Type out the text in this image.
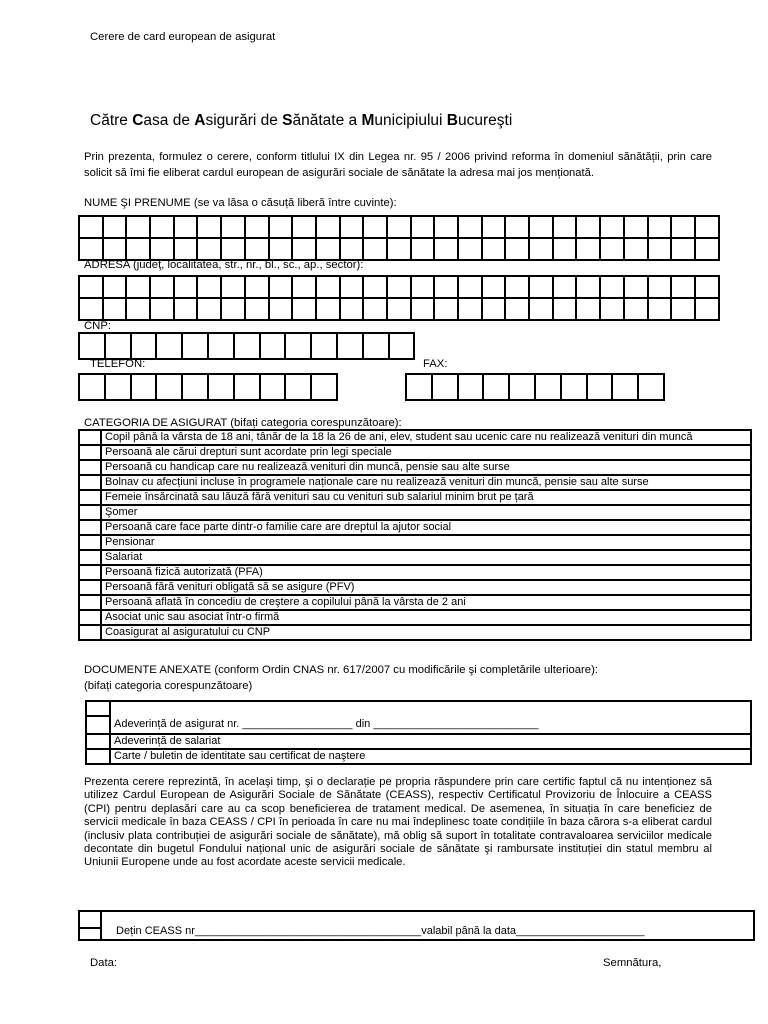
Cerere de card european de asigurat
Către Casa de Asigurări de Sănătate a Municipiului Bucureşti

Prin prezenta, formulez o cerere, conform titlului IX din Legea nr. 95 / 2006 privind reforma în domeniul sănătății, prin care solicit să îmi fie eliberat cardul european de asigurări sociale de sănătate la adresa mai jos menționată.

NUME ŞI PRENUME (se va lăsa o căsuță liberă între cuvinte):
ADRESA (judeţ, localitatea, str., nr., bl., sc., ap., sector):
CNP:
TELEFON:	FAX:
CATEGORIA DE ASIGURAT (bifați categoria corespunzătoare):
	Copil până la vârsta de 18 ani, tânăr de la 18 la 26 de ani, elev, student sau ucenic care nu realizează venituri din muncă
	Persoană ale cărui drepturi sunt acordate prin legi speciale
	Persoană cu handicap care nu realizează venituri din muncă, pensie sau alte surse
	Bolnav cu afecțiuni incluse în programele naționale care nu realizează venituri din muncă, pensie sau alte surse
	Femeie însărcinată sau lăuză fără venituri sau cu venituri sub salariul minim brut pe țară
	Şomer
	Persoană care face parte dintr-o familie care are dreptul la ajutor social
	Pensionar
	Salariat
	Persoană fizică autorizată (PFA)
	Persoană fără venituri obligată să se asigure (PFV)
	Persoană aflată în concediu de creştere a copilului până la vârsta de 2 ani
	Asociat unic sau asociat într-o firmă
	Coasigurat al asiguratului cu CNP
DOCUMENTE ANEXATE (conform Ordin CNAS nr. 617/2007 cu modificările şi completările ulterioare):
(bifați categoria corespunzătoare)
	Adeverință de asigurat nr. __________________ din ___________________________
	Adeverință de salariat
	Carte / buletin de identitate sau certificat de naştere

Prezenta cerere reprezintă, în acelaşi timp, şi o declarație pe propria răspundere prin care certific faptul că nu intenționez să utilizez Cardul European de Asigurări Sociale de Sănătate (CEASS), respectiv Certificatul Provizoriu de Înlocuire a CEASS (CPI) pentru deplasări care au ca scop beneficierea de tratament medical. De asemenea, în situația în care beneficiez de servicii medicale în baza CEASS / CPI în perioada în care nu mai îndeplinesc toate condițiile în baza cărora s-a eliberat cardul (inclusiv plata contribuției de asigurări sociale de sănătate), mă oblig să suport în totalitate contravaloarea serviciilor medicale decontate din bugetul Fondului național unic de asigurări sociale de sănătate şi rambursate instituției din statul membru al Uniunii Europene unde au fost acordate aceste servicii medicale.

Dețin CEASS nr_____________________________________valabil până la data_____________________
Data:	Semnătura,
